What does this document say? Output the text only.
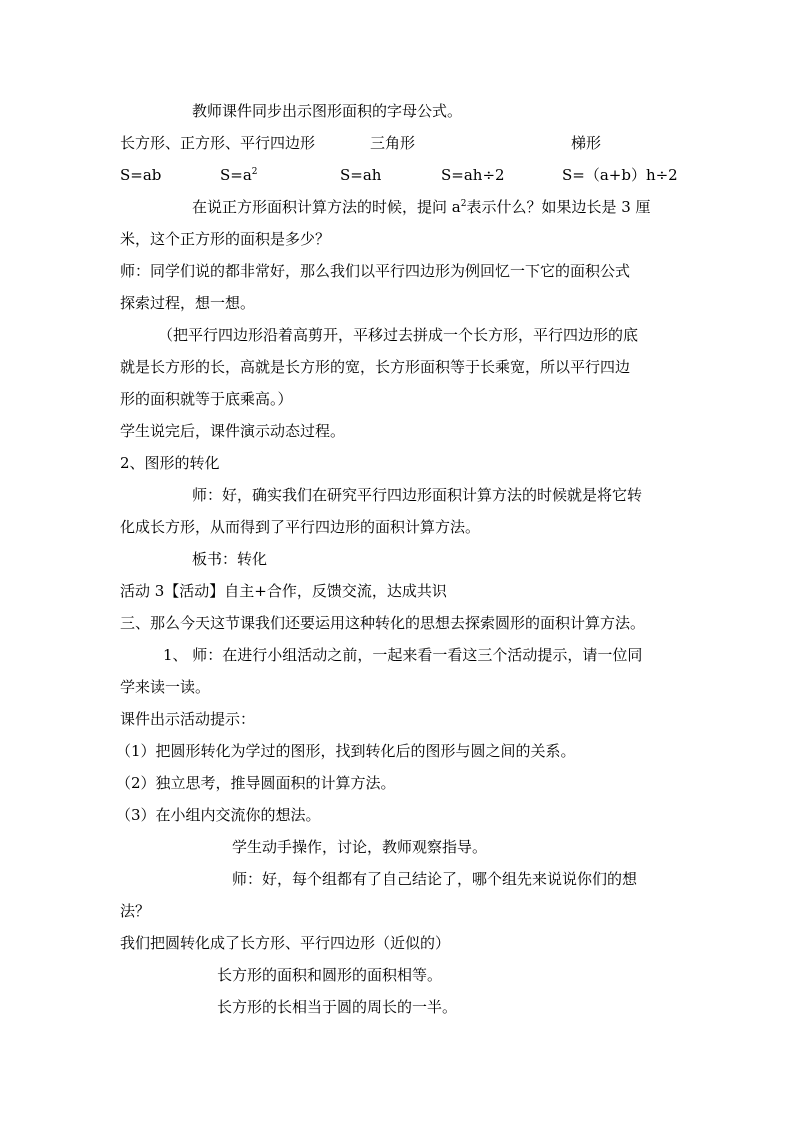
教师课件同步出示图形面积的字母公式。
长方形、正方形、平行四边形	三角形	梯形
S=ab	$S=a^2$	S=ah	S=ah÷2	S=（a+b）h÷2
在说正方形面积计算方法的时候，提问 $a^2$表示什么？如果边长是 3 厘
米，这个正方形的面积是多少？
师：同学们说的都非常好，那么我们以平行四边形为例回忆一下它的面积公式
探索过程，想一想。
（把平行四边形沿着高剪开，平移过去拼成一个长方形，平行四边形的底
就是长方形的长，高就是长方形的宽，长方形面积等于长乘宽，所以平行四边
形的面积就等于底乘高。）
学生说完后，课件演示动态过程。
2、图形的转化
师：好，确实我们在研究平行四边形面积计算方法的时候就是将它转
化成长方形，从而得到了平行四边形的面积计算方法。
板书：转化
活动 3【活动】自主+合作，反馈交流，达成共识
三、那么今天这节课我们还要运用这种转化的思想去探索圆形的面积计算方法。
1、 师：在进行小组活动之前，一起来看一看这三个活动提示，请一位同
学来读一读。
课件出示活动提示：
（1）把圆形转化为学过的图形，找到转化后的图形与圆之间的关系。
（2）独立思考，推导圆面积的计算方法。
（3）在小组内交流你的想法。
学生动手操作，讨论，教师观察指导。
师：好，每个组都有了自己结论了，哪个组先来说说你们的想
法？
我们把圆转化成了长方形、平行四边形（近似的）
长方形的面积和圆形的面积相等。
长方形的长相当于圆的周长的一半。
